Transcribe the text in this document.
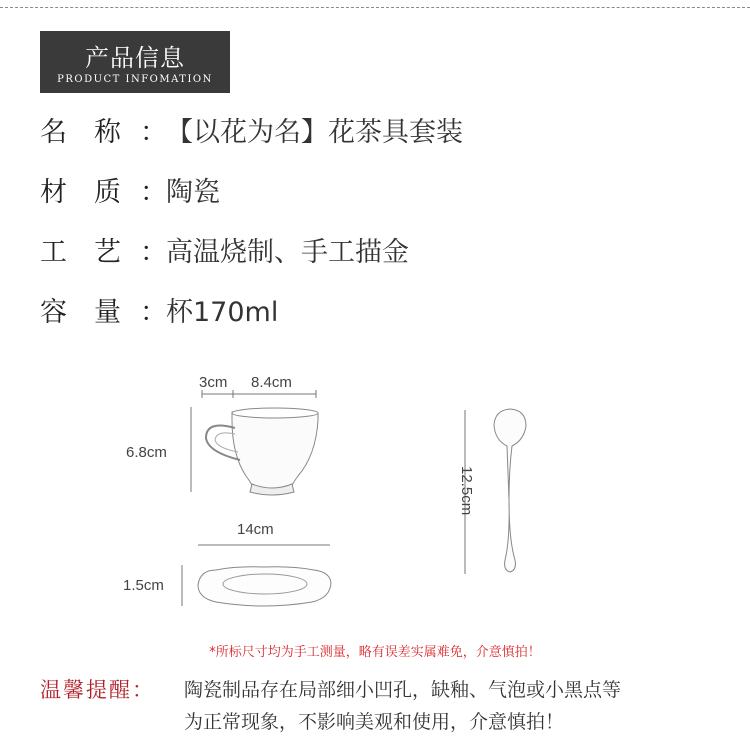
产品信息
PRODUCT INFOMATION
名　称 ： 【以花为名】花茶具套装
材　质 ： 陶瓷
工　艺 ： 高温烧制、手工描金
容　量 ： 杯170ml
3cm 8.4cm
6.8cm
14cm
1.5cm
12.5cm
*所标尺寸均为手工测量，略有误差实属难免，介意慎拍！
温馨提醒： 陶瓷制品存在局部细小凹孔，缺釉、气泡或小黑点等
为正常现象，不影响美观和使用，介意慎拍！
